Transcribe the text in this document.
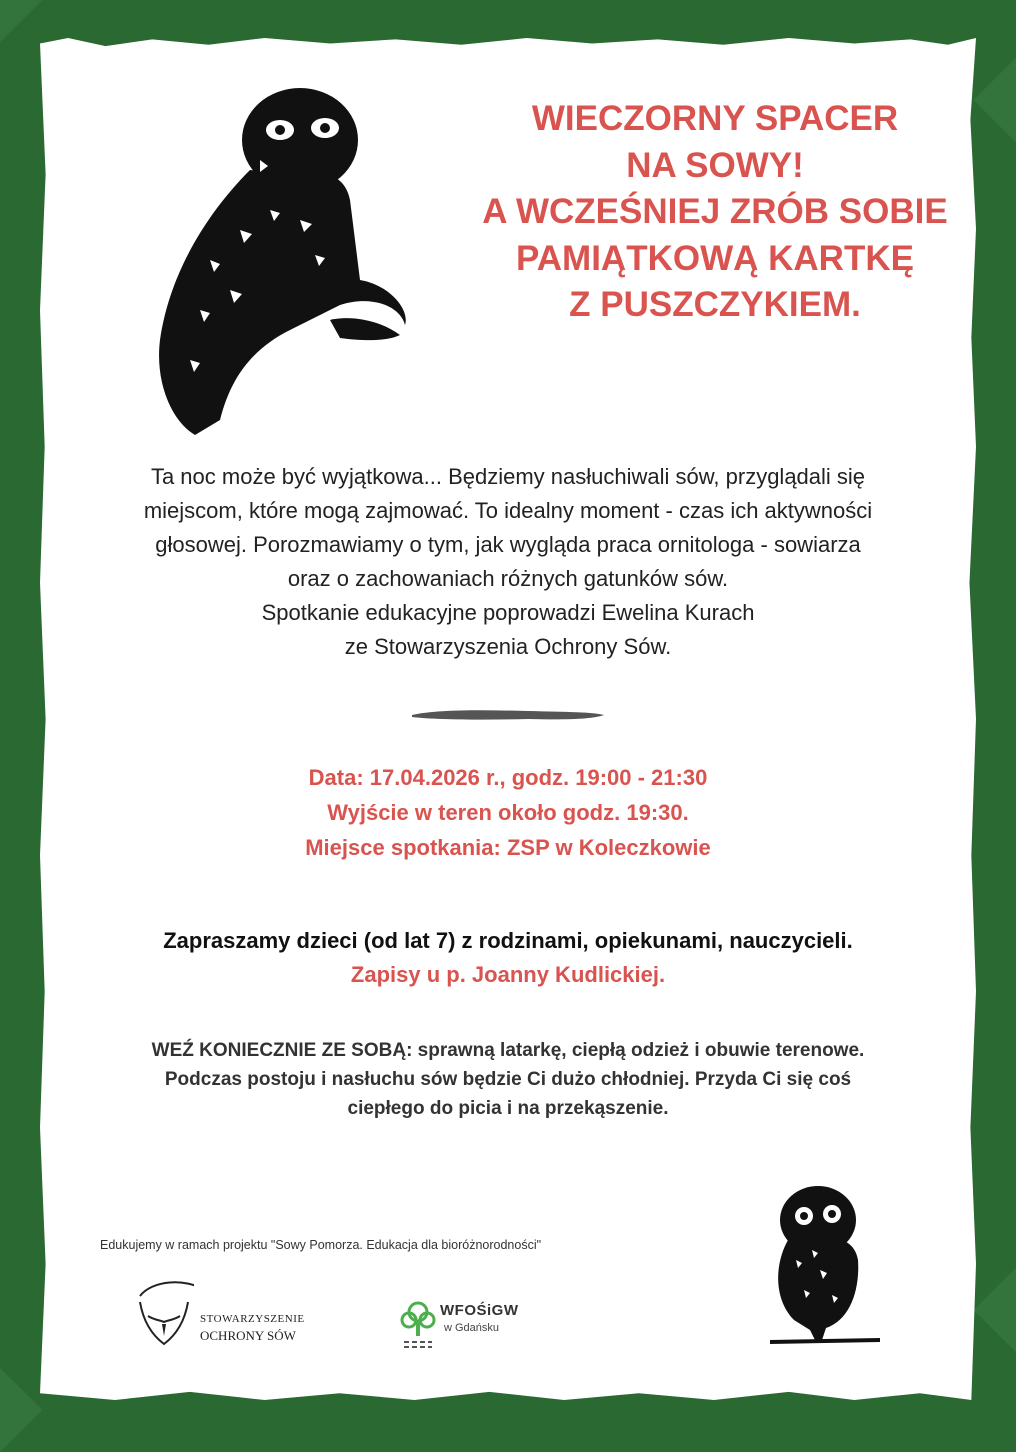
WIECZORNY SPACER
NA SOWY!
A WCZEŚNIEJ ZRÓB SOBIE
PAMIĄTKOWĄ KARTKĘ
Z PUSZCZYKIEM.
Ta noc może być wyjątkowa... Będziemy nasłuchiwali sów, przyglądali się
miejscom, które mogą zajmować. To idealny moment - czas ich aktywności
głosowej. Porozmawiamy o tym, jak wygląda praca ornitologa - sowiarza
oraz o zachowaniach różnych gatunków sów.
Spotkanie edukacyjne poprowadzi Ewelina Kurach
ze Stowarzyszenia Ochrony Sów.
Data: 17.04.2026 r., godz. 19:00 - 21:30
Wyjście w teren około godz. 19:30.
Miejsce spotkania: ZSP w Koleczkowie
Zapraszamy dzieci (od lat 7) z rodzinami, opiekunami, nauczycieli.
Zapisy u p. Joanny Kudlickiej.
WEŹ KONIECZNIE ZE SOBĄ: sprawną latarkę, ciepłą odzież i obuwie terenowe.
Podczas postoju i nasłuchu sów będzie Ci dużo chłodniej. Przyda Ci się coś
ciepłego do picia i na przekąszenie.
Edukujemy w ramach projektu "Sowy Pomorza. Edukacja dla bioróżnorodności"
STOWARZYSZENIE
OCHRONY SÓW
WFOŚiGW
w Gdańsku
